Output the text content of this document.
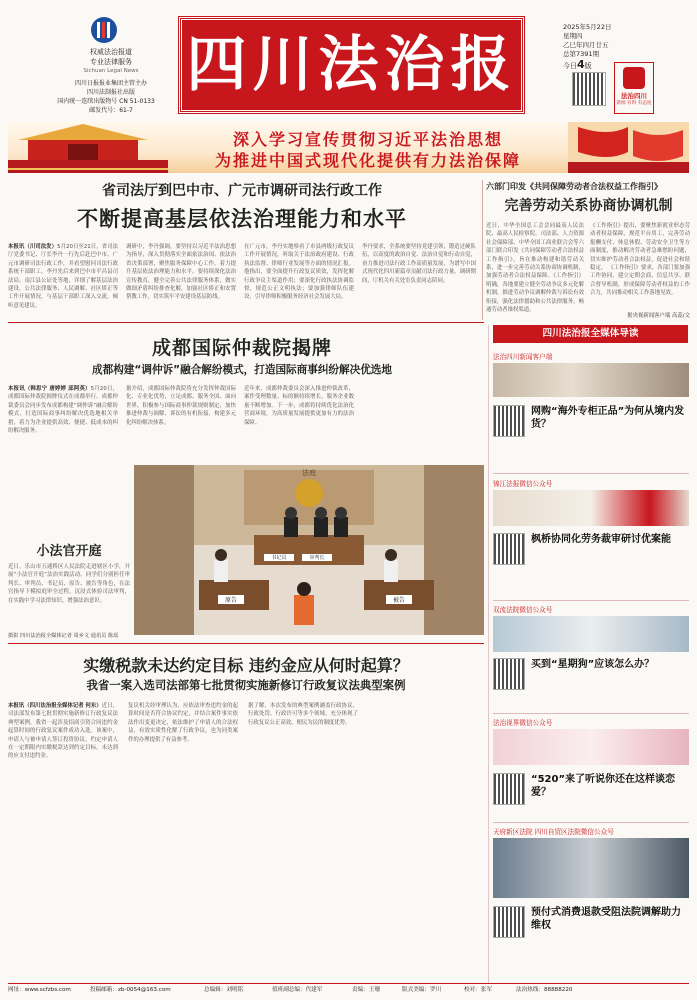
权威法治报道
专业法律服务
Sichuan Legal News
四川日报报业集团主管主办
四川法制报社出版
国内统一连续出版物号 CN 51-0133
邮发代号：61-7
四川法治报
2025年5月22日
星期四
乙巳年四月廿五
总第7391期
今日4版
法治四川
新闻 有料 有态度
深入学习宣传贯彻习近平法治思想
为推进中国式现代化提供有力法治保障
省司法厅到巴中市、广元市调研司法行政工作
不断提高基层依法治理能力和水平
本报讯（川司法发）5月20日至21日，省司法厅党委书记、厅长李丹一行先后赴巴中市、广元市调研司法行政工作，并看望慰问司法行政系统干部职工。李丹先后来到巴中市平昌县司法局、南江县公证处等地，详细了解基层法治建设、公共法律服务、人民调解、社区矫正等工作开展情况，与基层干部职工深入交流，倾听意见建议。
调研中，李丹强调，要坚持以习近平法治思想为指导，深入贯彻落实全面依法治国、依法治省决策部署，聚焦服务保障中心工作，着力提升基层依法治理能力和水平。要持续深化法治宣传教育，健全完善公共法律服务体系，做实做细矛盾纠纷排查化解，加强社区矫正和安置帮教工作，切实筑牢平安建设基层防线。
在广元市，李丹实地察看了市县两级行政复议工作开展情况，听取关于法治政府建设、行政执法监督、律师行业发展等方面的情况汇报。他指出，要全面提升行政复议质效，发挥化解行政争议主渠道作用；要深化行政执法协调监督，规范公正文明执法；要加强律师队伍建设，引导律师积极服务经济社会发展大局。
李丹要求，全系统要坚持党建引领，锻造过硬队伍，以高度的政治自觉、法治自觉和行动自觉，奋力推进司法行政工作高质量发展，为谱写中国式现代化四川新篇章贡献司法行政力量。调研期间，厅机关有关处室负责同志陪同。
六部门印发《共同保障劳动者合法权益工作指引》
完善劳动关系协商协调机制
近日，中华全国总工会会同最高人民法院、最高人民检察院、司法部、人力资源社会保障部、中华全国工商业联合会等六部门联合印发《共同保障劳动者合法权益工作指引》，旨在推动构建和谐劳动关系，进一步完善劳动关系协商协调机制，加强劳动者合法权益保障。《工作指引》明确，各地要建立健全劳动争议多元化解机制，推进劳动争议调解仲裁与诉讼有效衔接，强化法律援助和公共法律服务，畅通劳动者维权渠道。
《工作指引》提出，要聚焦新就业形态劳动者权益保障，规范平台用工，完善劳动报酬支付、休息休假、劳动安全卫生等方面制度，推动解决劳动者急难愁盼问题，切实维护劳动者合法权益，促进社会和谐稳定。 《工作指引》要求，各部门要加强工作协同，建立定期会商、信息共享、联合督导机制，形成保障劳动者权益的工作合力，共同推动相关工作落地见效。
据央视新闻客户端 高蕊/文
成都国际仲裁院揭牌
成都构建“调仲诉”融合解纷模式，打造国际商事纠纷解决优选地
本报讯（韩思宁 唐婷婷 邱阿英）5月20日，成都国际仲裁院揭牌仪式在成都举行。成都仲裁委员会同步发布成都构建“调仲诉”融合解纷模式、打造国际商事纠纷解决优选地相关举措，着力为企业提供高效、便捷、低成本的纠纷解决服务。
据介绍，成都国际仲裁院将充分发挥仲裁国际化、专业化优势，立足成都、服务全国、面向世界，积极参与国际商事仲裁规则制定，加快推进仲裁与调解、诉讼的有机衔接，构建多元化纠纷解决体系。
近年来，成都仲裁委员会深入推进仲裁改革，案件受理数量、标的额持续增长，服务企业数量不断增加。下一步，成都将持续优化法治化营商环境，为高质量发展提供更加有力的法治保障。
法庭
审判长
书记员
原告	被告
小法官开庭
近日，乐山市五通桥区人民法院走进辖区小学，开展“小法官开庭”法治实践活动。同学们分别担任审判长、审判员、书记员、原告、被告等角色，在法官指导下模拟庭审全过程，沉浸式体验司法审判，在实践中学习法律知识、增强法治意识。
摄影 四川法治报全媒体记者 周乡文 通讯员 陈瑶
实缴税款未达约定目标 违约金应从何时起算？
我省一案入选司法部第七批贯彻实施新修订行政复议法典型案例
本报讯（四川法治报全媒体记者 何东）近日，司法部发布第七批贯彻实施新修订行政复议法典型案例，我省一起涉及招商引资合同违约金起算时间的行政复议案件成功入选。该案中，申请人与被申请人签订投资协议，约定申请人在一定期限内实缴税款达到约定目标，未达到的应支付违约金。
复议机关经审理认为，应依法审查违约金的起算时间是否符合协议约定，并结合案件事实依法作出变更决定，依法维护了申请人的合法权益，有效实质性化解了行政争议，也为同类案件的办理提供了有益参考。
据了解，本次发布的典型案例涵盖行政协议、行政处罚、行政许可等多个领域，充分体现了行政复议公正高效、便民为民的制度优势。
四川法治报全媒体导读
法治四川新闻客户端
网购“海外专柜正品”为何从境内发货？
锦江法报微信公众号
枫桥协同化劳务裁审研讨优案能
双流法院微信公众号
买到“星期狗”应该怎么办？
法治视界微信公众号
“520”来了听说你还在这样谈恋爱？
天府新区法院 四川自贸区法院微信公众号
预付式消费退款受阻法院调解助力维权
网址：www.scfzbs.com	投稿邮箱：zb-0054@163.com	总编辑：刘明铭	值班副总编：代建军	责编：王珊	版式美编：罗川	校对：张军	法治热线：88888220
